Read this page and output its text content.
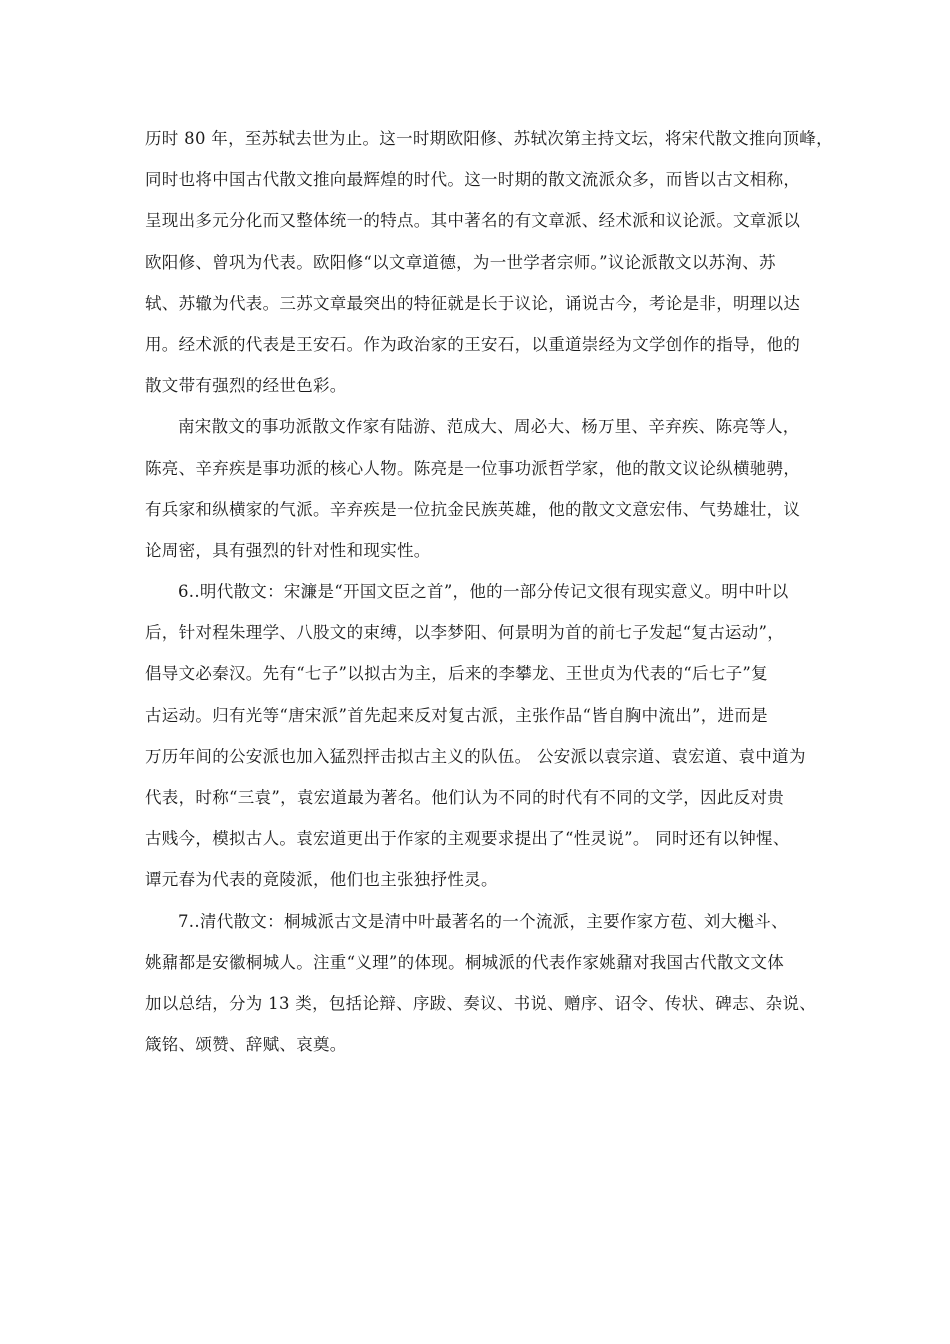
历时 80 年，至苏轼去世为止。这一时期欧阳修、苏轼次第主持文坛，将宋代散文推向顶峰，
同时也将中国古代散文推向最辉煌的时代。这一时期的散文流派众多，而皆以古文相称，
呈现出多元分化而又整体统一的特点。其中著名的有文章派、经术派和议论派。文章派以
欧阳修、曾巩为代表。欧阳修“以文章道德，为一世学者宗师。”议论派散文以苏洵、苏
轼、苏辙为代表。三苏文章最突出的特征就是长于议论，诵说古今，考论是非，明理以达
用。经术派的代表是王安石。作为政治家的王安石，以重道崇经为文学创作的指导，他的
散文带有强烈的经世色彩。
南宋散文的事功派散文作家有陆游、范成大、周必大、杨万里、辛弃疾、陈亮等人，
陈亮、辛弃疾是事功派的核心人物。陈亮是一位事功派哲学家，他的散文议论纵横驰骋，
有兵家和纵横家的气派。辛弃疾是一位抗金民族英雄，他的散文文意宏伟、气势雄壮，议
论周密，具有强烈的针对性和现实性。
6..明代散文：宋濂是“开国文臣之首”，他的一部分传记文很有现实意义。明中叶以
后，针对程朱理学、八股文的束缚，以李梦阳、何景明为首的前七子发起“复古运动”，
倡导文必秦汉。先有“七子”以拟古为主，后来的李攀龙、王世贞为代表的“后七子”复
古运动。归有光等“唐宋派”首先起来反对复古派，主张作品“皆自胸中流出”，进而是
万历年间的公安派也加入猛烈抨击拟古主义的队伍。 公安派以袁宗道、袁宏道、袁中道为
代表，时称“三袁”，袁宏道最为著名。他们认为不同的时代有不同的文学，因此反对贵
古贱今，模拟古人。袁宏道更出于作家的主观要求提出了“性灵说”。 同时还有以钟惺、
谭元春为代表的竟陵派，他们也主张独抒性灵。
7..清代散文：桐城派古文是清中叶最著名的一个流派，主要作家方苞、刘大櫆斗、
姚鼐都是安徽桐城人。注重“义理”的体现。桐城派的代表作家姚鼐对我国古代散文文体
加以总结，分为 13 类，包括论辩、序跋、奏议、书说、赠序、诏令、传状、碑志、杂说、
箴铭、颂赞、辞赋、哀奠。
